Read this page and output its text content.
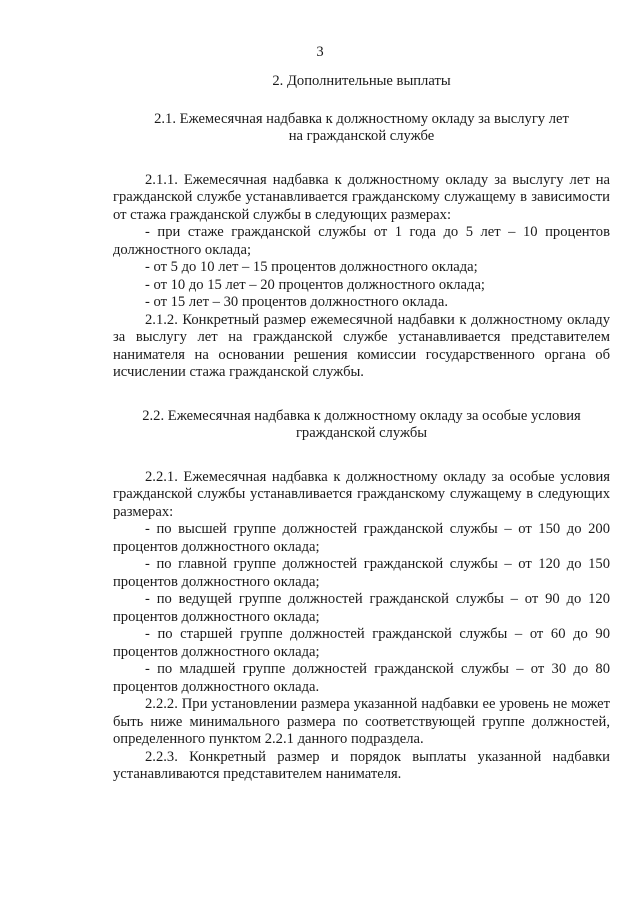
3

2. Дополнительные выплаты

2.1. Ежемесячная надбавка к должностному окладу за выслугу лет

на гражданской службе

2.1.1. Ежемесячная надбавка к должностному окладу за выслугу лет на гражданской службе устанавливается гражданскому служащему в зависимости от стажа гражданской службы в следующих размерах:

- при стаже гражданской службы от 1 года до 5 лет – 10 процентов должностного оклада;

- от 5 до 10 лет – 15 процентов должностного оклада;

- от 10 до 15 лет – 20 процентов должностного оклада;

- от 15 лет – 30 процентов должностного оклада.

2.1.2. Конкретный размер ежемесячной надбавки к должностному окладу за выслугу лет на гражданской службе устанавливается представителем нанимателя на основании решения комиссии государственного органа об исчислении стажа гражданской службы.

2.2. Ежемесячная надбавка к должностному окладу за особые условия

гражданской службы

2.2.1. Ежемесячная надбавка к должностному окладу за особые условия гражданской службы устанавливается гражданскому служащему в следующих размерах:

- по высшей группе должностей гражданской службы – от 150 до 200 процентов должностного оклада;

- по главной группе должностей гражданской службы – от 120 до 150 процентов должностного оклада;

- по ведущей группе должностей гражданской службы – от 90 до 120 процентов должностного оклада;

- по старшей группе должностей гражданской службы – от 60 до 90 процентов должностного оклада;

- по младшей группе должностей гражданской службы – от 30 до 80 процентов должностного оклада.

2.2.2. При установлении размера указанной надбавки ее уровень не может быть ниже минимального размера по соответствующей группе должностей, определенного пунктом 2.2.1 данного подраздела.

2.2.3. Конкретный размер и порядок выплаты указанной надбавки устанавливаются представителем нанимателя.
